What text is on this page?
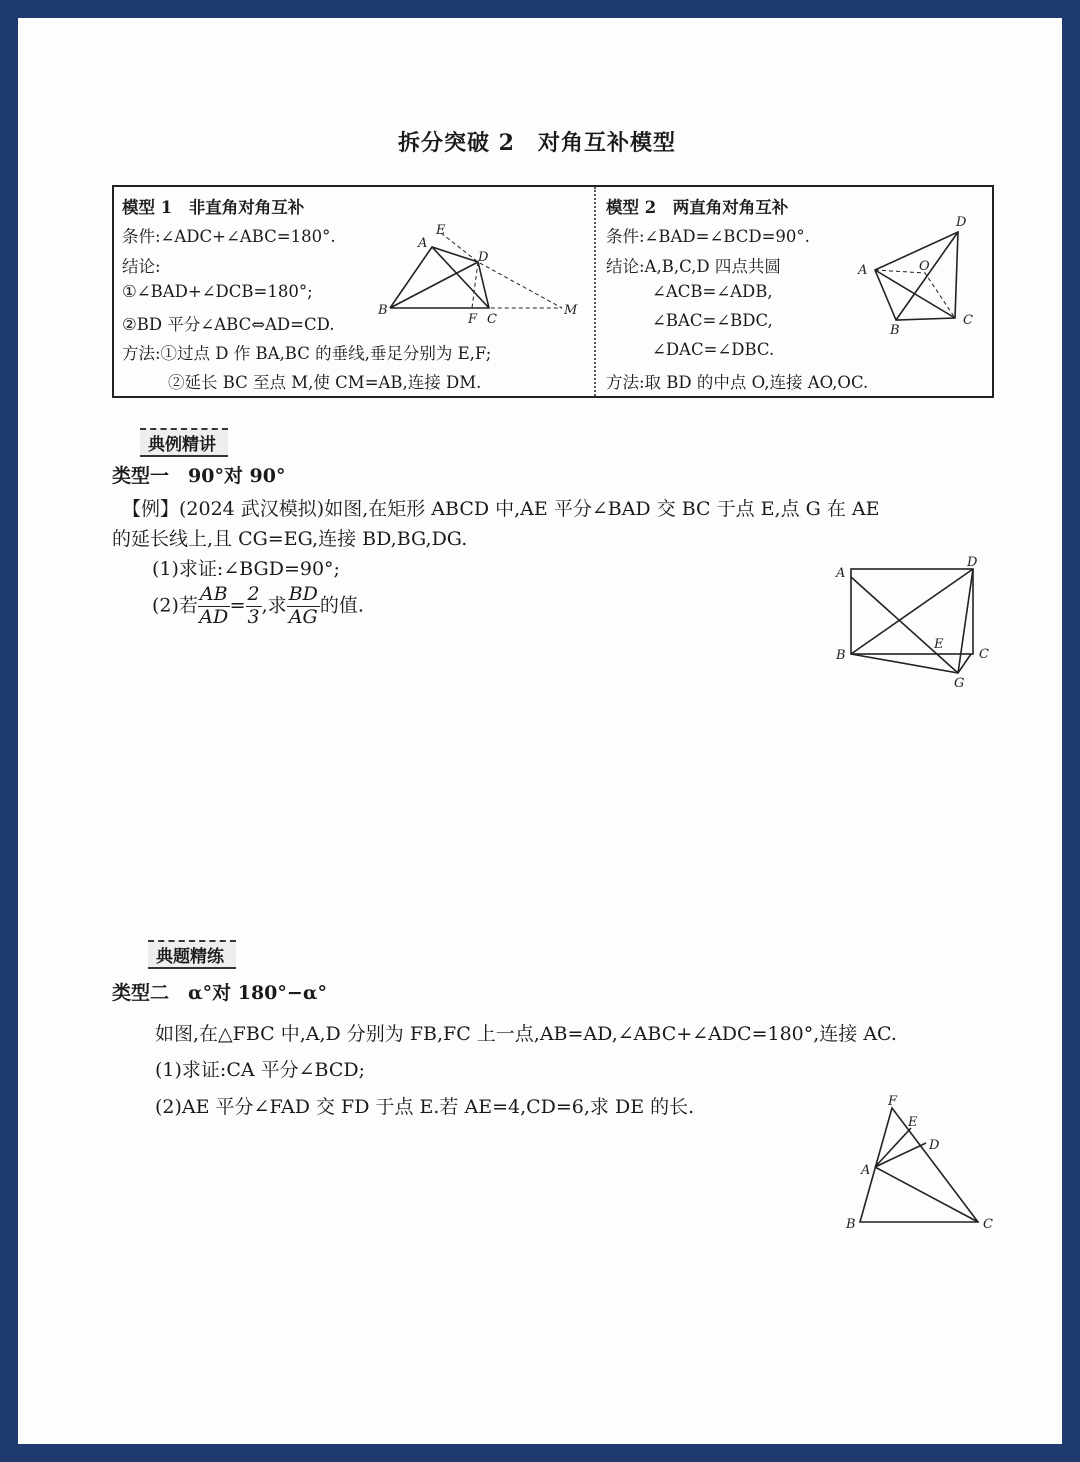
拆分突破 2　对角互补模型
模型 1　非直角对角互补
条件:∠ADC+∠ABC=180°.
结论:
①∠BAD+∠DCB=180°;
②BD 平分∠ABC⇔AD=CD.
方法:①过点 D 作 BA,BC 的垂线,垂足分别为 E,F;
②延长 BC 至点 M,使 CM=AB,连接 DM.
A
B
C
D
E
F
M
A
B
C
D
O
A
B	C
D
E
G
A
B	C
D
E
F
模型 2　两直角对角互补
条件:∠BAD=∠BCD=90°.
结论:A,B,C,D 四点共圆
∠ACB=∠ADB,
∠BAC=∠BDC,
∠DAC=∠DBC.
方法:取 BD 的中点 O,连接 AO,OC.
典例精讲
类型一　90°对 90°
【例】(2024 武汉模拟)如图,在矩形 ABCD 中,AE 平分∠BAD 交 BC 于点 E,点 G 在 AE
的延长线上,且 CG=EG,连接 BD,BG,DG.
(1)求证:∠BGD=90°;
(2)若 $\frac{AB}{AD} = \frac{2}{3}$ ,求 $\frac{BD}{AG}$ 的值.
典题精练
类型二　α°对 180°−α°
如图,在△FBC 中,A,D 分别为 FB,FC 上一点,AB=AD,∠ABC+∠ADC=180°,连接 AC.
(1)求证:CA 平分∠BCD;
(2)AE 平分∠FAD 交 FD 于点 E.若 AE=4,CD=6,求 DE 的长.
